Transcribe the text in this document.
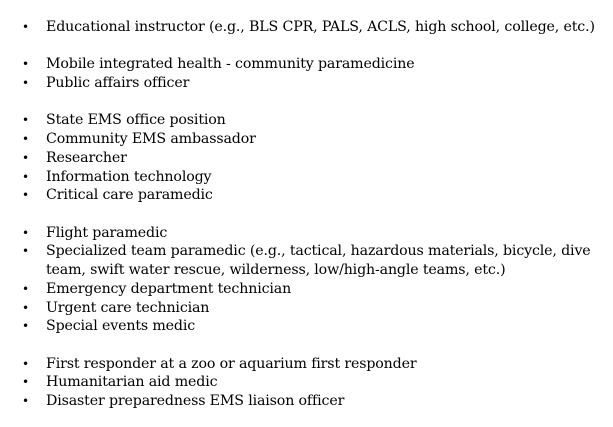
•
Educational instructor (e.g., BLS CPR, PALS, ACLS, high school, college, etc.)
•
Mobile integrated health - community paramedicine
•
Public affairs officer
•
State EMS office position
•
Community EMS ambassador
•
Researcher
•
Information technology
•
Critical care paramedic
•
Flight paramedic
•
Specialized team paramedic (e.g., tactical, hazardous materials, bicycle, dive team, swift water rescue, wilderness, low/high-angle teams, etc.)
•
Emergency department technician
•
Urgent care technician
•
Special events medic
•
First responder at a zoo or aquarium first responder
•
Humanitarian aid medic
•
Disaster preparedness EMS liaison officer
